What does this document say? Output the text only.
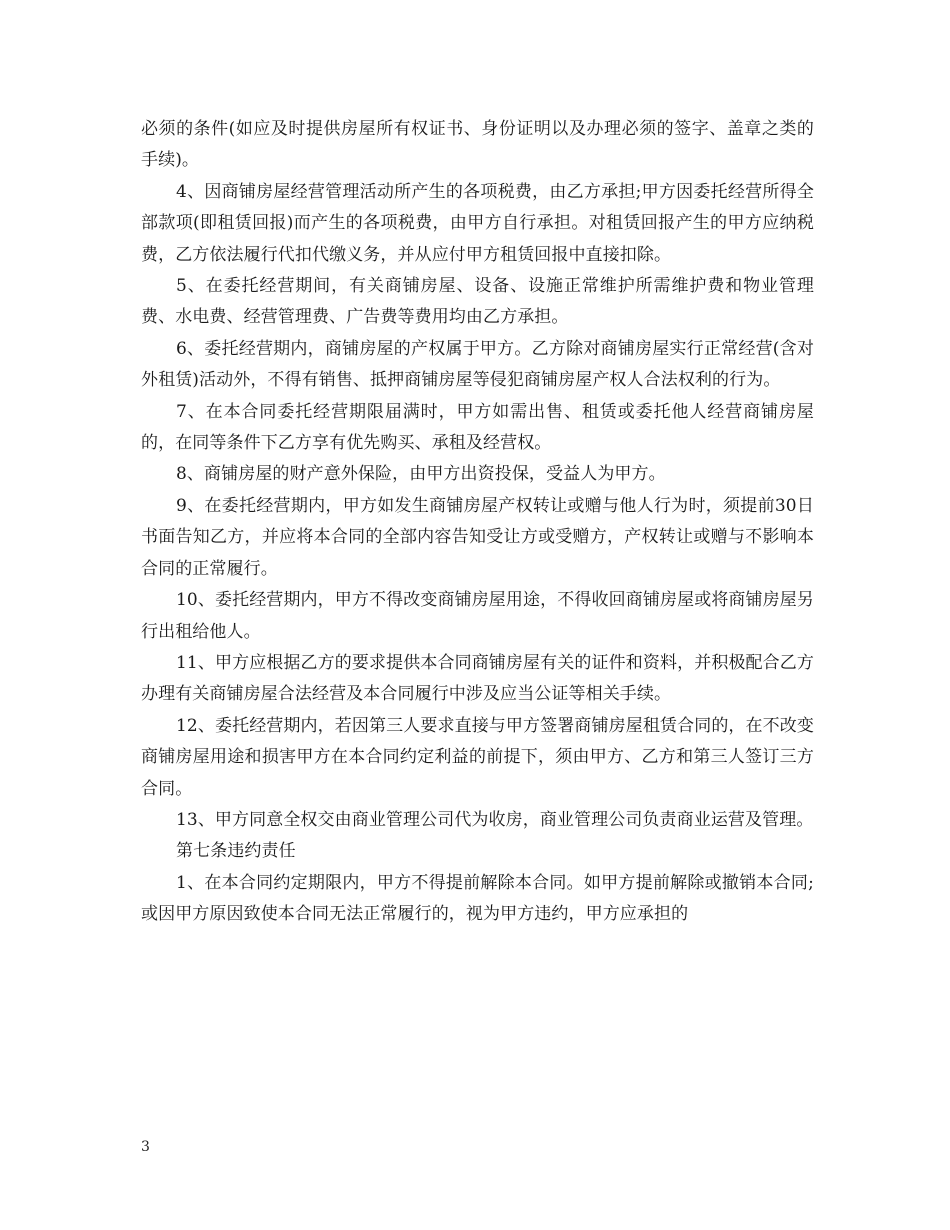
必须的条件(如应及时提供房屋所有权证书、身份证明以及办理必须的签字、盖章之类的手续)。

4、因商铺房屋经营管理活动所产生的各项税费，由乙方承担;甲方因委托经营所得全部款项(即租赁回报)而产生的各项税费，由甲方自行承担。对租赁回报产生的甲方应纳税费，乙方依法履行代扣代缴义务，并从应付甲方租赁回报中直接扣除。

5、在委托经营期间，有关商铺房屋、设备、设施正常维护所需维护费和物业管理费、水电费、经营管理费、广告费等费用均由乙方承担。

6、委托经营期内，商铺房屋的产权属于甲方。乙方除对商铺房屋实行正常经营(含对外租赁)活动外，不得有销售、抵押商铺房屋等侵犯商铺房屋产权人合法权利的行为。

7、在本合同委托经营期限届满时，甲方如需出售、租赁或委托他人经营商铺房屋的，在同等条件下乙方享有优先购买、承租及经营权。

8、商铺房屋的财产意外保险，由甲方出资投保，受益人为甲方。

9、在委托经营期内，甲方如发生商铺房屋产权转让或赠与他人行为时，须提前30日书面告知乙方，并应将本合同的全部内容告知受让方或受赠方，产权转让或赠与不影响本合同的正常履行。

10、委托经营期内，甲方不得改变商铺房屋用途，不得收回商铺房屋或将商铺房屋另行出租给他人。

11、甲方应根据乙方的要求提供本合同商铺房屋有关的证件和资料，并积极配合乙方办理有关商铺房屋合法经营及本合同履行中涉及应当公证等相关手续。

12、委托经营期内，若因第三人要求直接与甲方签署商铺房屋租赁合同的，在不改变商铺房屋用途和损害甲方在本合同约定利益的前提下，须由甲方、乙方和第三人签订三方合同。

13、甲方同意全权交由商业管理公司代为收房，商业管理公司负责商业运营及管理。

第七条违约责任

1、在本合同约定期限内，甲方不得提前解除本合同。如甲方提前解除或撤销本合同;或因甲方原因致使本合同无法正常履行的，视为甲方违约，甲方应承担的

3
